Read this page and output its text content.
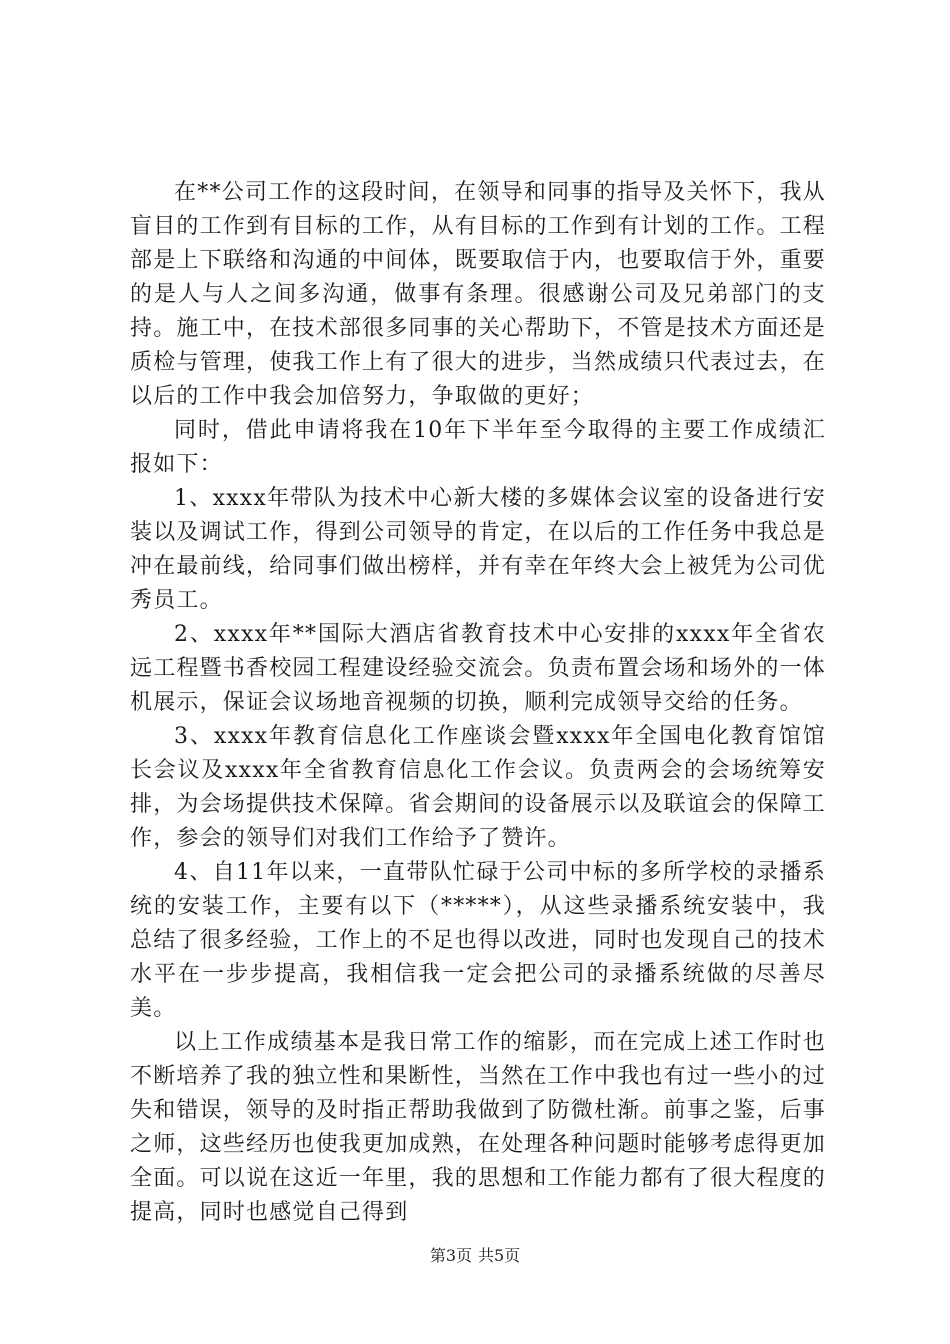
在**公司工作的这段时间，在领导和同事的指导及关怀下，我从盲目的工作到有目标的工作，从有目标的工作到有计划的工作。工程部是上下联络和沟通的中间体，既要取信于内，也要取信于外，重要的是人与人之间多沟通，做事有条理。很感谢公司及兄弟部门的支持。施工中，在技术部很多同事的关心帮助下，不管是技术方面还是质检与管理，使我工作上有了很大的进步，当然成绩只代表过去，在以后的工作中我会加倍努力，争取做的更好；

同时，借此申请将我在10年下半年至今取得的主要工作成绩汇报如下：

1、xxxx年带队为技术中心新大楼的多媒体会议室的设备进行安装以及调试工作，得到公司领导的肯定，在以后的工作任务中我总是冲在最前线，给同事们做出榜样，并有幸在年终大会上被凭为公司优秀员工。

2、xxxx年**国际大酒店省教育技术中心安排的xxxx年全省农远工程暨书香校园工程建设经验交流会。负责布置会场和场外的一体机展示，保证会议场地音视频的切换，顺利完成领导交给的任务。

3、xxxx年教育信息化工作座谈会暨xxxx年全国电化教育馆馆长会议及xxxx年全省教育信息化工作会议。负责两会的会场统筹安排，为会场提供技术保障。省会期间的设备展示以及联谊会的保障工作，参会的领导们对我们工作给予了赞许。

4、自11年以来，一直带队忙碌于公司中标的多所学校的录播系统的安装工作，主要有以下（*****），从这些录播系统安装中，我总结了很多经验，工作上的不足也得以改进，同时也发现自己的技术水平在一步步提高，我相信我一定会把公司的录播系统做的尽善尽美。

以上工作成绩基本是我日常工作的缩影，而在完成上述工作时也不断培养了我的独立性和果断性，当然在工作中我也有过一些小的过失和错误，领导的及时指正帮助我做到了防微杜渐。前事之鉴，后事之师，这些经历也使我更加成熟，在处理各种问题时能够考虑得更加全面。可以说在这近一年里，我的思想和工作能力都有了很大程度的提高，同时也感觉自己得到

第3页 共5页
